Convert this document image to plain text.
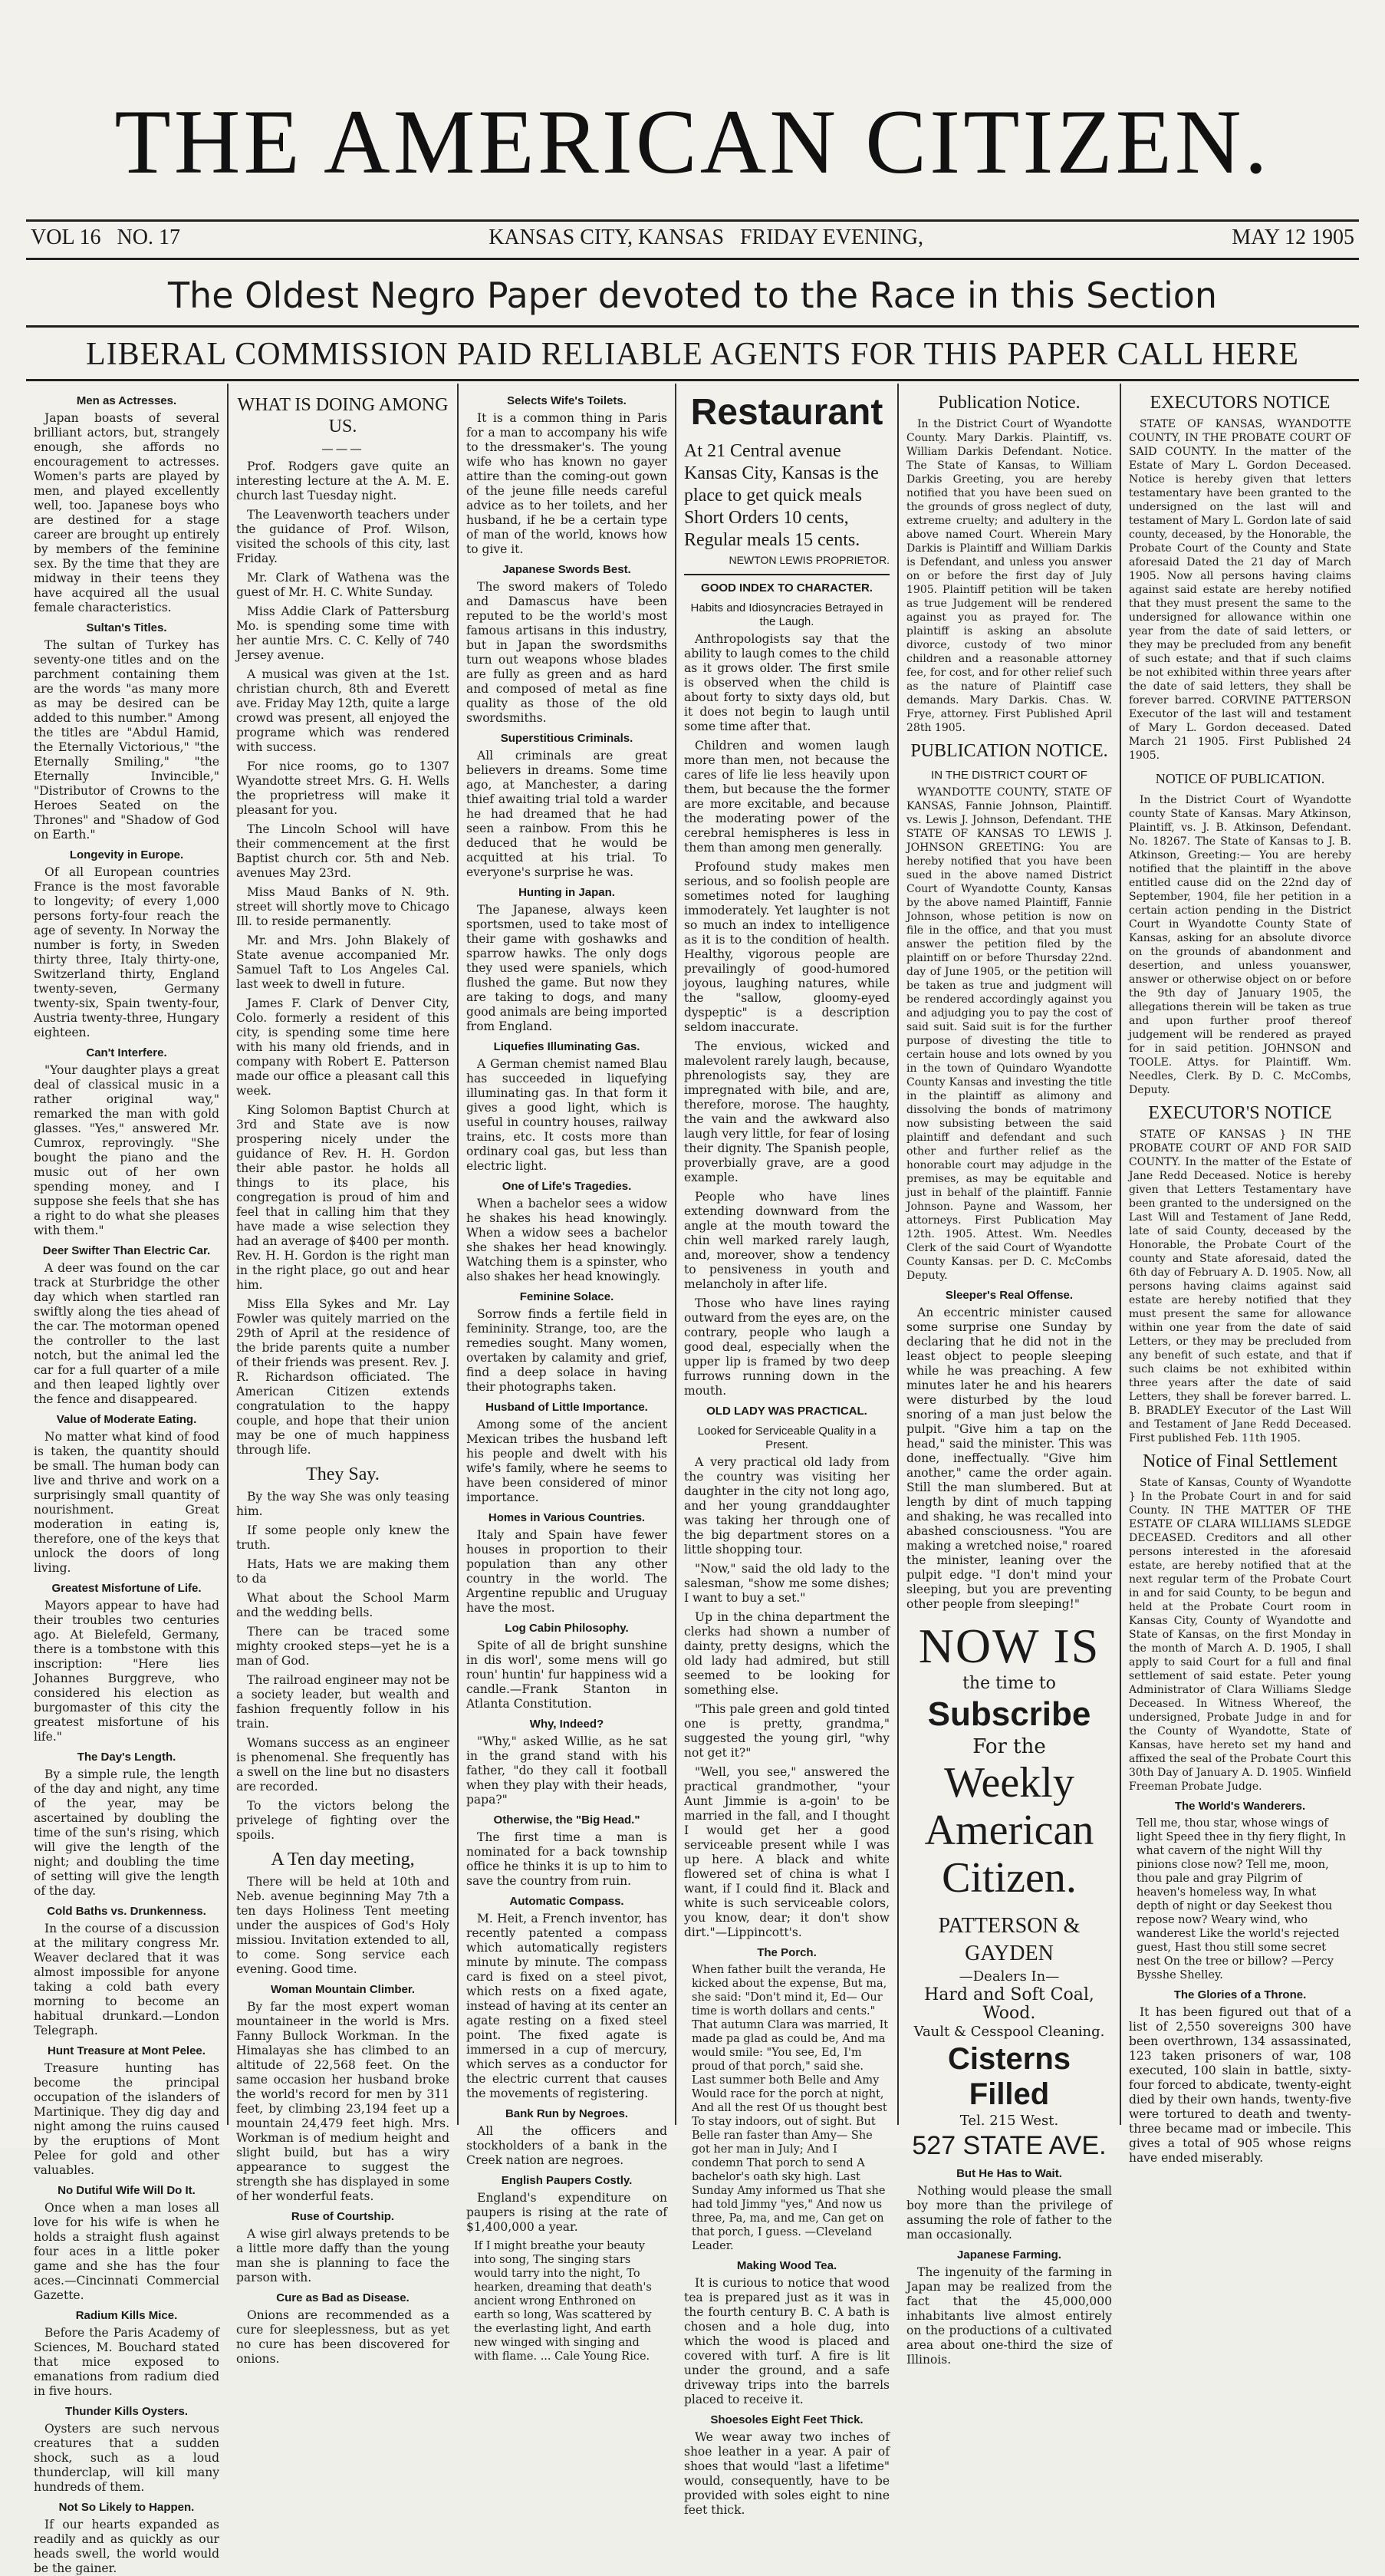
THE AMERICAN CITIZEN.
VOL 16 NO. 17	KANSAS CITY, KANSAS FRIDAY EVENING,	MAY 12 1905
The Oldest Negro Paper devoted to the Race in this Section
LIBERAL COMMISSION PAID RELIABLE AGENTS FOR THIS PAPER CALL HERE
Men as Actresses.

Japan boasts of several brilliant actors, but, strangely enough, she affords no encouragement to actresses. Women's parts are played by men, and played excellently well, too. Japanese boys who are destined for a stage career are brought up entirely by members of the feminine sex. By the time that they are midway in their teens they have acquired all the usual female characteristics.

Sultan's Titles.

The sultan of Turkey has seventy-one titles and on the parchment containing them are the words "as many more as may be desired can be added to this number." Among the titles are "Abdul Hamid, the Eternally Victorious," "the Eternally Smiling," "the Eternally Invincible," "Distributor of Crowns to the Heroes Seated on the Thrones" and "Shadow of God on Earth."

Longevity in Europe.

Of all European countries France is the most favorable to longevity; of every 1,000 persons forty-four reach the age of seventy. In Norway the number is forty, in Sweden thirty three, Italy thirty-one, Switzerland thirty, England twenty-seven, Germany twenty-six, Spain twenty-four, Austria twenty-three, Hungary eighteen.

Can't Interfere.

"Your daughter plays a great deal of classical music in a rather original way," remarked the man with gold glasses. "Yes," answered Mr. Cumrox, reprovingly. "She bought the piano and the music out of her own spending money, and I suppose she feels that she has a right to do what she pleases with them."

Deer Swifter Than Electric Car.

A deer was found on the car track at Sturbridge the other day which when startled ran swiftly along the ties ahead of the car. The motorman opened the controller to the last notch, but the animal led the car for a full quarter of a mile and then leaped lightly over the fence and disappeared.

Value of Moderate Eating.

No matter what kind of food is taken, the quantity should be small. The human body can live and thrive and work on a surprisingly small quantity of nourishment. Great moderation in eating is, therefore, one of the keys that unlock the doors of long living.

Greatest Misfortune of Life.

Mayors appear to have had their troubles two centuries ago. At Bielefeld, Germany, there is a tombstone with this inscription: "Here lies Johannes Burggreve, who considered his election as burgomaster of this city the greatest misfortune of his life."

The Day's Length.

By a simple rule, the length of the day and night, any time of the year, may be ascertained by doubling the time of the sun's rising, which will give the length of the night; and doubling the time of setting will give the length of the day.

Cold Baths vs. Drunkenness.

In the course of a discussion at the military congress Mr. Weaver declared that it was almost impossible for anyone taking a cold bath every morning to become an habitual drunkard.—London Telegraph.

Hunt Treasure at Mont Pelee.

Treasure hunting has become the principal occupation of the islanders of Martinique. They dig day and night among the ruins caused by the eruptions of Mont Pelee for gold and other valuables.

No Dutiful Wife Will Do It.

Once when a man loses all love for his wife is when he holds a straight flush against four aces in a little poker game and she has the four aces.—Cincinnati Commercial Gazette.

Radium Kills Mice.

Before the Paris Academy of Sciences, M. Bouchard stated that mice exposed to emanations from radium died in five hours.

Thunder Kills Oysters.

Oysters are such nervous creatures that a sudden shock, such as a loud thunderclap, will kill many hundreds of them.

Not So Likely to Happen.

If our hearts expanded as readily and as quickly as our heads swell, the world would be the gainer.

WHAT IS DOING AMONG US.
———

Prof. Rodgers gave quite an interesting lecture at the A. M. E. church last Tuesday night.

The Leavenworth teachers under the guidance of Prof. Wilson, visited the schools of this city, last Friday.

Mr. Clark of Wathena was the guest of Mr. H. C. White Sunday.

Miss Addie Clark of Pattersburg Mo. is spending some time with her auntie Mrs. C. C. Kelly of 740 Jersey avenue.

A musical was given at the 1st. christian church, 8th and Everett ave. Friday May 12th, quite a large crowd was present, all enjoyed the programe which was rendered with success.

For nice rooms, go to 1307 Wyandotte street Mrs. G. H. Wells the proprietress will make it pleasant for you.

The Lincoln School will have their commencement at the first Baptist church cor. 5th and Neb. avenues May 23rd.

Miss Maud Banks of N. 9th. street will shortly move to Chicago Ill. to reside permanently.

Mr. and Mrs. John Blakely of State avenue accompanied Mr. Samuel Taft to Los Angeles Cal. last week to dwell in future.

James F. Clark of Denver City, Colo. formerly a resident of this city, is spending some time here with his many old friends, and in company with Robert E. Patterson made our office a pleasant call this week.

King Solomon Baptist Church at 3rd and State ave is now prospering nicely under the guidance of Rev. H. H. Gordon their able pastor. he holds all things to its place, his congregation is proud of him and feel that in calling him that they have made a wise selection they had an average of $400 per month. Rev. H. H. Gordon is the right man in the right place, go out and hear him.

Miss Ella Sykes and Mr. Lay Fowler was quitely married on the 29th of April at the residence of the bride parents quite a number of their friends was present. Rev. J. R. Richardson officiated. The American Citizen extends congratulation to the happy couple, and hope that their union may be one of much happiness through life.

They Say.

By the way She was only teasing him.

If some people only knew the truth.

Hats, Hats we are making them to da

What about the School Marm and the wedding bells.

There can be traced some mighty crooked steps—yet he is a man of God.

The railroad engineer may not be a society leader, but wealth and fashion frequently follow in his train.

Womans success as an engineer is phenomenal. She frequently has a swell on the line but no disasters are recorded.

To the victors belong the privelege of fighting over the spoils.

A Ten day meeting,

There will be held at 10th and Neb. avenue beginning May 7th a ten days Holiness Tent meeting under the auspices of God's Holy missiou. Invitation extended to all, to come. Song service each evening. Good time.

Woman Mountain Climber.

By far the most expert woman mountaineer in the world is Mrs. Fanny Bullock Workman. In the Himalayas she has climbed to an altitude of 22,568 feet. On the same occasion her husband broke the world's record for men by 311 feet, by climbing 23,194 feet up a mountain 24,479 feet high. Mrs. Workman is of medium height and slight build, but has a wiry appearance to suggest the strength she has displayed in some of her wonderful feats.

Ruse of Courtship.

A wise girl always pretends to be a little more daffy than the young man she is planning to face the parson with.

Cure as Bad as Disease.

Onions are recommended as a cure for sleeplessness, but as yet no cure has been discovered for onions.

Selects Wife's Toilets.

It is a common thing in Paris for a man to accompany his wife to the dressmaker's. The young wife who has known no gayer attire than the coming-out gown of the jeune fille needs careful advice as to her toilets, and her husband, if he be a certain type of man of the world, knows how to give it.

Japanese Swords Best.

The sword makers of Toledo and Damascus have been reputed to be the world's most famous artisans in this industry, but in Japan the swordsmiths turn out weapons whose blades are fully as green and as hard and composed of metal as fine quality as those of the old swordsmiths.

Superstitious Criminals.

All criminals are great believers in dreams. Some time ago, at Manchester, a daring thief awaiting trial told a warder he had dreamed that he had seen a rainbow. From this he deduced that he would be acquitted at his trial. To everyone's surprise he was.

Hunting in Japan.

The Japanese, always keen sportsmen, used to take most of their game with goshawks and sparrow hawks. The only dogs they used were spaniels, which flushed the game. But now they are taking to dogs, and many good animals are being imported from England.

Liquefies Illuminating Gas.

A German chemist named Blau has succeeded in liquefying illuminating gas. In that form it gives a good light, which is useful in country houses, railway trains, etc. It costs more than ordinary coal gas, but less than electric light.

One of Life's Tragedies.

When a bachelor sees a widow he shakes his head knowingly. When a widow sees a bachelor she shakes her head knowingly. Watching them is a spinster, who also shakes her head knowingly.

Feminine Solace.

Sorrow finds a fertile field in femininity. Strange, too, are the remedies sought. Many women, overtaken by calamity and grief, find a deep solace in having their photographs taken.

Husband of Little Importance.

Among some of the ancient Mexican tribes the husband left his people and dwelt with his wife's family, where he seems to have been considered of minor importance.

Homes in Various Countries.

Italy and Spain have fewer houses in proportion to their population than any other country in the world. The Argentine republic and Uruguay have the most.

Log Cabin Philosophy.

Spite of all de bright sunshine in dis worl', some mens will go roun' huntin' fur happiness wid a candle.—Frank Stanton in Atlanta Constitution.

Why, Indeed?

"Why," asked Willie, as he sat in the grand stand with his father, "do they call it football when they play with their heads, papa?"

Otherwise, the "Big Head."

The first time a man is nominated for a back township office he thinks it is up to him to save the country from ruin.

Automatic Compass.

M. Heit, a French inventor, has recently patented a compass which automatically registers minute by minute. The compass card is fixed on a steel pivot, which rests on a fixed agate, instead of having at its center an agate resting on a fixed steel point. The fixed agate is immersed in a cup of mercury, which serves as a conductor for the electric current that causes the movements of registering.

Bank Run by Negroes.

All the officers and stockholders of a bank in the Creek nation are negroes.

English Paupers Costly.

England's expenditure on paupers is rising at the rate of $1,400,000 a year.

If I might breathe your beauty into song, The singing stars would tarry into the night, To hearken, dreaming that death's ancient wrong Enthroned on earth so long, Was scattered by the everlasting light, And earth new winged with singing and with flame. ... Cale Young Rice.

Restaurant
At 21 Central avenue Kansas City, Kansas is the place to get quick meals Short Orders 10 cents, Regular meals 15 cents.
NEWTON LEWIS PROPRIETOR.
GOOD INDEX TO CHARACTER.
Habits and Idiosyncracies Betrayed in the Laugh.

Anthropologists say that the ability to laugh comes to the child as it grows older. The first smile is observed when the child is about forty to sixty days old, but it does not begin to laugh until some time after that.

Children and women laugh more than men, not because the cares of life lie less heavily upon them, but because the the former are more excitable, and because the moderating power of the cerebral hemispheres is less in them than among men generally.

Profound study makes men serious, and so foolish people are sometimes noted for laughing immoderately. Yet laughter is not so much an index to intelligence as it is to the condition of health. Healthy, vigorous people are prevailingly of good-humored joyous, laughing natures, while the "sallow, gloomy-eyed dyspeptic" is a description seldom inaccurate.

The envious, wicked and malevolent rarely laugh, because, phrenologists say, they are impregnated with bile, and are, therefore, morose. The haughty, the vain and the awkward also laugh very little, for fear of losing their dignity. The Spanish people, proverbially grave, are a good example.

People who have lines extending downward from the angle at the mouth toward the chin well marked rarely laugh, and, moreover, show a tendency to pensiveness in youth and melancholy in after life.

Those who have lines raying outward from the eyes are, on the contrary, people who laugh a good deal, especially when the upper lip is framed by two deep furrows running down in the mouth.

OLD LADY WAS PRACTICAL.
Looked for Serviceable Quality in a Present.

A very practical old lady from the country was visiting her daughter in the city not long ago, and her young granddaughter was taking her through one of the big department stores on a little shopping tour.

"Now," said the old lady to the salesman, "show me some dishes; I want to buy a set."

Up in the china department the clerks had shown a number of dainty, pretty designs, which the old lady had admired, but still seemed to be looking for something else.

"This pale green and gold tinted one is pretty, grandma," suggested the young girl, "why not get it?"

"Well, you see," answered the practical grandmother, "your Aunt Jimmie is a-goin' to be married in the fall, and I thought I would get her a good serviceable present while I was up here. A black and white flowered set of china is what I want, if I could find it. Black and white is such serviceable colors, you know, dear; it don't show dirt."—Lippincott's.

The Porch.

When father built the veranda, He kicked about the expense, But ma, she said: "Don't mind it, Ed— Our time is worth dollars and cents." That autumn Clara was married, It made pa glad as could be, And ma would smile: "You see, Ed, I'm proud of that porch," said she. Last summer both Belle and Amy Would race for the porch at night, And all the rest Of us thought best To stay indoors, out of sight. But Belle ran faster than Amy— She got her man in July; And I condemn That porch to send A bachelor's oath sky high. Last Sunday Amy informed us That she had told Jimmy "yes," And now us three, Pa, ma, and me, Can get on that porch, I guess. —Cleveland Leader.

Making Wood Tea.

It is curious to notice that wood tea is prepared just as it was in the fourth century B. C. A bath is chosen and a hole dug, into which the wood is placed and covered with turf. A fire is lit under the ground, and a safe driveway trips into the barrels placed to receive it.

Shoesoles Eight Feet Thick.

We wear away two inches of shoe leather in a year. A pair of shoes that would "last a lifetime" would, consequently, have to be provided with soles eight to nine feet thick.

Publication Notice.

In the District Court of Wyandotte County. Mary Darkis. Plaintiff, vs. William Darkis Defendant. Notice. The State of Kansas, to William Darkis Greeting, you are hereby notified that you have been sued on the grounds of gross neglect of duty, extreme cruelty; and adultery in the above named Court. Wherein Mary Darkis is Plaintiff and William Darkis is Defendant, and unless you answer on or before the first day of July 1905. Plaintiff petition will be taken as true Judgement will be rendered against you as prayed for. The plaintiff is asking an absolute divorce, custody of two minor children and a reasonable attorney fee, for cost, and for other relief such as the nature of Plaintiff case demands. Mary Darkis. Chas. W. Frye, attorney. First Published April 28th 1905.

PUBLICATION NOTICE.
IN THE DISTRICT COURT OF

WYANDOTTE COUNTY, STATE OF KANSAS, Fannie Johnson, Plaintiff. vs. Lewis J. Johnson, Defendant. THE STATE OF KANSAS TO LEWIS J. JOHNSON GREETING: You are hereby notified that you have been sued in the above named District Court of Wyandotte County, Kansas by the above named Plaintiff, Fannie Johnson, whose petition is now on file in the office, and that you must answer the petition filed by the plaintiff on or before Thursday 22nd. day of June 1905, or the petition will be taken as true and judgment will be rendered accordingly against you and adjudging you to pay the cost of said suit. Said suit is for the further purpose of divesting the title to certain house and lots owned by you in the town of Quindaro Wyandotte County Kansas and investing the title in the plaintiff as alimony and dissolving the bonds of matrimony now subsisting between the said plaintiff and defendant and such other and further relief as the honorable court may adjudge in the premises, as may be equitable and just in behalf of the plaintiff. Fannie Johnson. Payne and Wassom, her attorneys. First Publication May 12th. 1905. Attest. Wm. Needles Clerk of the said Court of Wyandotte County Kansas. per D. C. McCombs Deputy.

Sleeper's Real Offense.

An eccentric minister caused some surprise one Sunday by declaring that he did not in the least object to people sleeping while he was preaching. A few minutes later he and his hearers were disturbed by the loud snoring of a man just below the pulpit. "Give him a tap on the head," said the minister. This was done, ineffectually. "Give him another," came the order again. Still the man slumbered. But at length by dint of much tapping and shaking, he was recalled into abashed consciousness. "You are making a wretched noise," roared the minister, leaning over the pulpit edge. "I don't mind your sleeping, but you are preventing other people from sleeping!"

NOW IS
the time to
Subscribe
For the
Weekly
American
Citizen.
PATTERSON & GAYDEN
—Dealers In—
Hard and Soft Coal, Wood.
Vault & Cesspool Cleaning.
Cisterns Filled
Tel. 215 West.
527 STATE AVE.
But He Has to Wait.

Nothing would please the small boy more than the privilege of assuming the role of father to the man occasionally.

Japanese Farming.

The ingenuity of the farming in Japan may be realized from the fact that the 45,000,000 inhabitants live almost entirely on the productions of a cultivated area about one-third the size of Illinois.

EXECUTORS NOTICE

STATE OF KANSAS, WYANDOTTE COUNTY, IN THE PROBATE COURT OF SAID COUNTY. In the matter of the Estate of Mary L. Gordon Deceased. Notice is hereby given that letters testamentary have been granted to the undersigned on the last will and testament of Mary L. Gordon late of said county, deceased, by the Honorable, the Probate Court of the County and State aforesaid Dated the 21 day of March 1905. Now all persons having claims against said estate are hereby notified that they must present the same to the undersigned for allowance within one year from the date of said letters, or they may be precluded from any benefit of such estate; and that if such claims be not exhibited within three years after the date of said letters, they shall be forever barred. CORVINE PATTERSON Executor of the last will and testament of Mary L. Gordon deceased. Dated March 21 1905. First Published 24 1905.

NOTICE OF PUBLICATION.

In the District Court of Wyandotte county State of Kansas. Mary Atkinson, Plaintiff, vs. J. B. Atkinson, Defendant. No. 18267. The State of Kansas to J. B. Atkinson, Greeting:— You are hereby notified that the plaintiff in the above entitled cause did on the 22nd day of September, 1904, file her petition in a certain action pending in the District Court in Wyandotte County State of Kansas, asking for an absolute divorce on the grounds of abandonment and desertion, and unless youanswer, answer or otherwise object on or before the 9th day of January 1905, the allegations therein will be taken as true and upon further proof thereof judgement will be rendered as prayed for in said petition. JOHNSON and TOOLE. Attys. for Plaintiff. Wm. Needles, Clerk. By D. C. McCombs, Deputy.

EXECUTOR'S NOTICE

STATE OF KANSAS } IN THE PROBATE COURT OF AND FOR SAID COUNTY. In the matter of the Estate of Jane Redd Deceased. Notice is hereby given that Letters Testamentary have been granted to the undersigned on the Last Will and Testament of Jane Redd, late of said County, deceased by the Honorable, the Probate Court of the county and State aforesaid, dated the 6th day of February A. D. 1905. Now, all persons having claims against said estate are hereby notified that they must present the same for allowance within one year from the date of said Letters, or they may be precluded from any benefit of such estate, and that if such claims be not exhibited within three years after the date of said Letters, they shall be forever barred. L. B. BRADLEY Executor of the Last Will and Testament of Jane Redd Deceased. First published Feb. 11th 1905.

Notice of Final Settlement

State of Kansas, County of Wyandotte } In the Probate Court in and for said County. IN THE MATTER OF THE ESTATE OF CLARA WILLIAMS SLEDGE DECEASED. Creditors and all other persons interested in the aforesaid estate, are hereby notified that at the next regular term of the Probate Court in and for said County, to be begun and held at the Probate Court room in Kansas City, County of Wyandotte and State of Kansas, on the first Monday in the month of March A. D. 1905, I shall apply to said Court for a full and final settlement of said estate. Peter young Administrator of Clara Williams Sledge Deceased. In Witness Whereof, the undersigned, Probate Judge in and for the County of Wyandotte, State of Kansas, have hereto set my hand and affixed the seal of the Probate Court this 30th Day of January A. D. 1905. Winfield Freeman Probate Judge.

The World's Wanderers.

Tell me, thou star, whose wings of light Speed thee in thy fiery flight, In what cavern of the night Will thy pinions close now? Tell me, moon, thou pale and gray Pilgrim of heaven's homeless way, In what depth of night or day Seekest thou repose now? Weary wind, who wanderest Like the world's rejected guest, Hast thou still some secret nest On the tree or billow? —Percy Bysshe Shelley.

The Glories of a Throne.

It has been figured out that of a list of 2,550 sovereigns 300 have been overthrown, 134 assassinated, 123 taken prisoners of war, 108 executed, 100 slain in battle, sixty-four forced to abdicate, twenty-eight died by their own hands, twenty-five were tortured to death and twenty-three became mad or imbecile. This gives a total of 905 whose reigns have ended miserably.
